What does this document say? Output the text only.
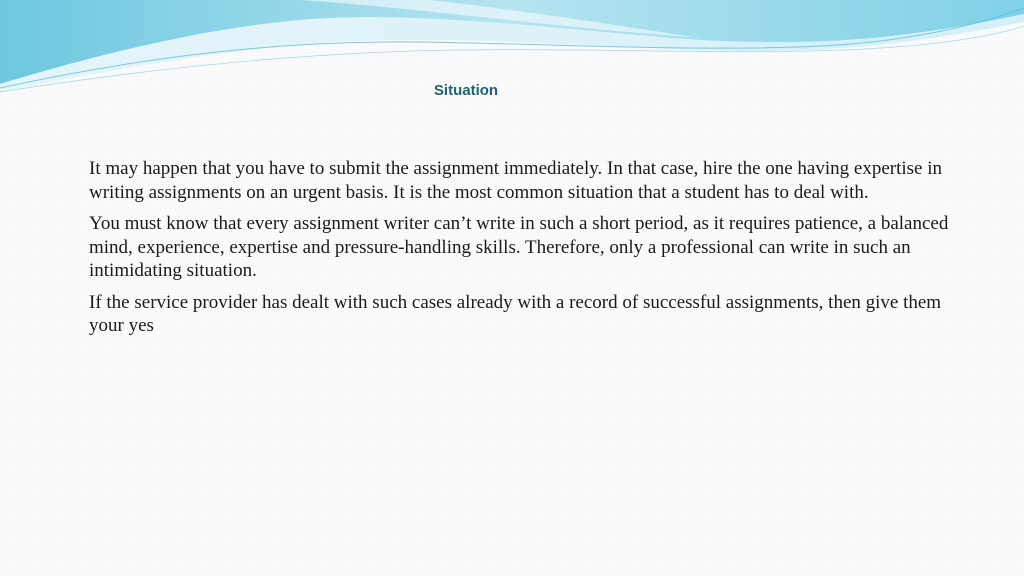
Situation

It may happen that you have to submit the assignment immediately. In that case, hire the one having expertise in writing assignments on an urgent basis. It is the most common situation that a student has to deal with.

You must know that every assignment writer can’t write in such a short period, as it requires patience, a balanced mind, experience, expertise and pressure-handling skills. Therefore, only a professional can write in such an intimidating situation.

If the service provider has dealt with such cases already with a record of successful assignments, then give them your yes
